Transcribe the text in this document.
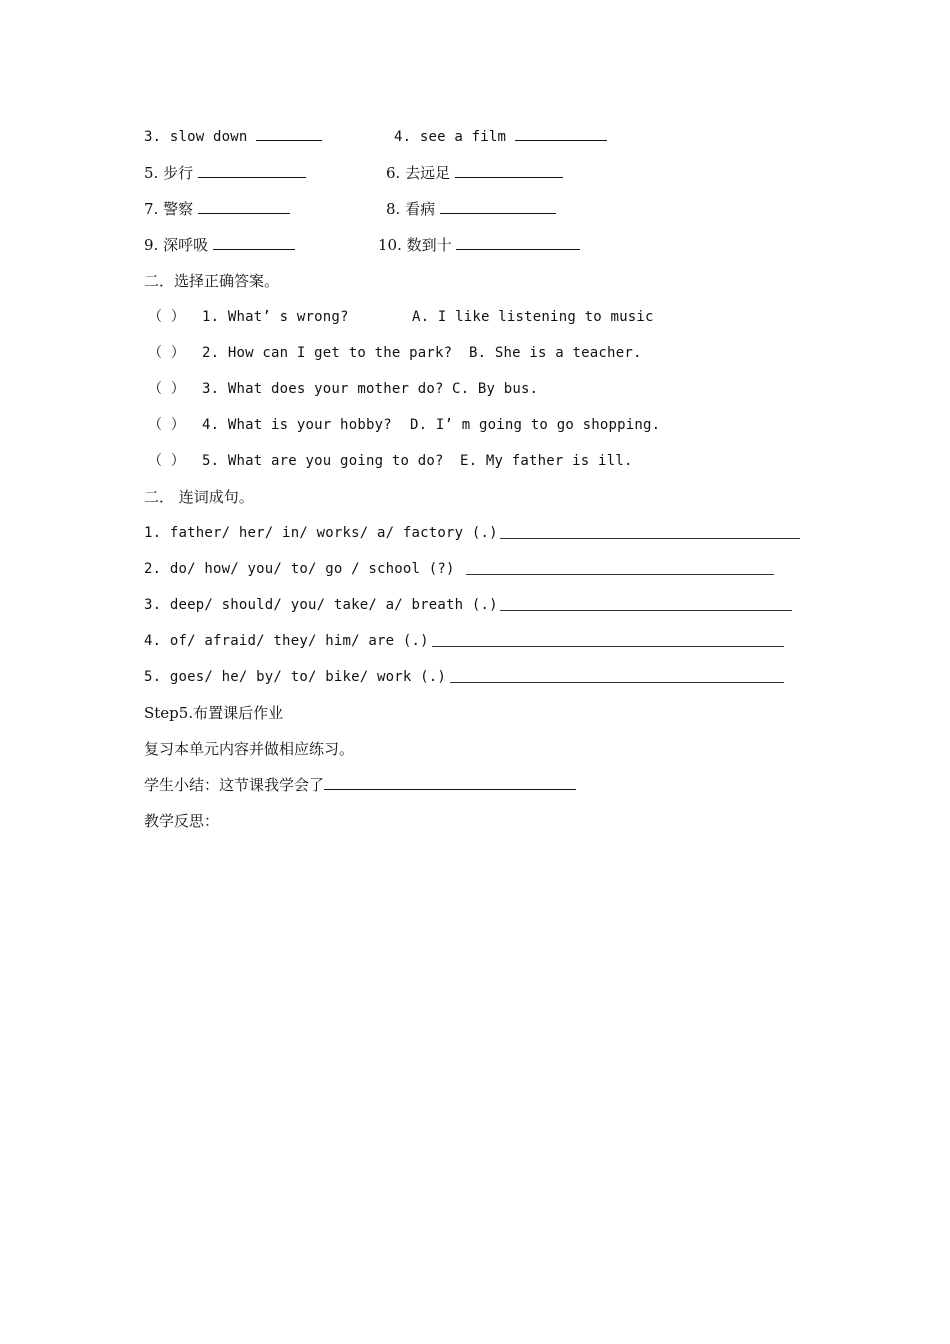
3. slow down	4. see a film
5. 步行	6. 去远足
7. 警察	8. 看病
9. 深呼吸	10. 数到十
二．选择正确答案。
（ ） 1. What’ s wrong?	A. I like listening to music
（ ） 2. How can I get to the park? B. She is a teacher.
（ ） 3. What does your mother do? C. By bus.
（ ） 4. What is your hobby? D. I’ m going to go shopping.
（ ） 5. What are you going to do? E. My father is ill.
二． 连词成句。
1. father/ her/ in/ works/ a/ factory (.)
2. do/ how/ you/ to/ go / school (?)
3. deep/ should/ you/ take/ a/ breath (.)
4. of/ afraid/ they/ him/ are (.)
5. goes/ he/ by/ to/ bike/ work (.)
Step5.布置课后作业
复习本单元内容并做相应练习。
学生小结：这节课我学会了
教学反思：
